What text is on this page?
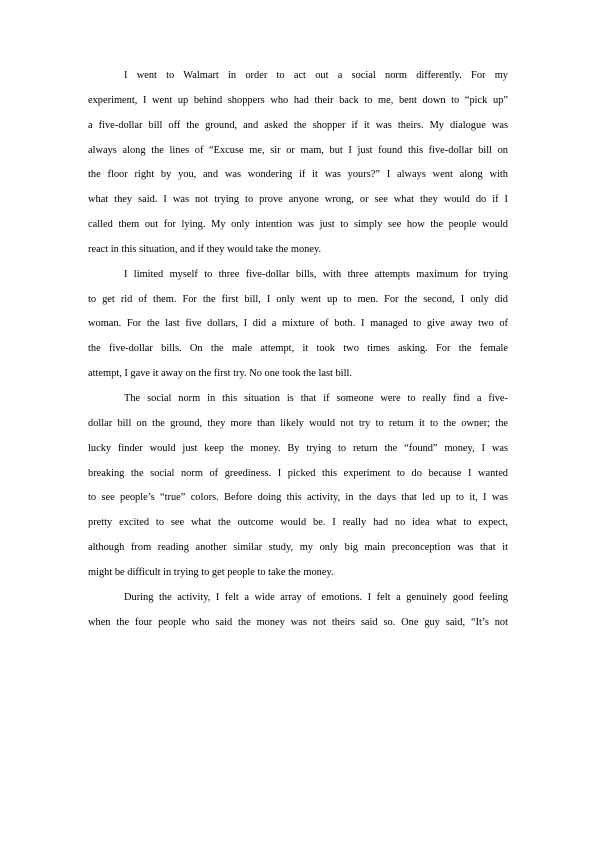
I went to Walmart in order to act out a social norm differently. For my
experiment, I went up behind shoppers who had their back to me, bent down to “pick up”
a five-dollar bill off the ground, and asked the shopper if it was theirs. My dialogue was
always along the lines of “Excuse me, sir or mam, but I just found this five-dollar bill on
the floor right by you, and was wondering if it was yours?” I always went along with
what they said. I was not trying to prove anyone wrong, or see what they would do if I
called them out for lying. My only intention was just to simply see how the people would
react in this situation, and if they would take the money.
I limited myself to three five-dollar bills, with three attempts maximum for trying
to get rid of them. For the first bill, I only went up to men. For the second, I only did
woman. For the last five dollars, I did a mixture of both. I managed to give away two of
the five-dollar bills. On the male attempt, it took two times asking. For the female
attempt, I gave it away on the first try. No one took the last bill.
The social norm in this situation is that if someone were to really find a five-
dollar bill on the ground, they more than likely would not try to return it to the owner; the
lucky finder would just keep the money. By trying to return the “found” money, I was
breaking the social norm of greediness. I picked this experiment to do because I wanted
to see people’s “true” colors. Before doing this activity, in the days that led up to it, I was
pretty excited to see what the outcome would be. I really had no idea what to expect,
although from reading another similar study, my only big main preconception was that it
might be difficult in trying to get people to take the money.
During the activity, I felt a wide array of emotions. I felt a genuinely good feeling
when the four people who said the money was not theirs said so. One guy said, “It’s not
